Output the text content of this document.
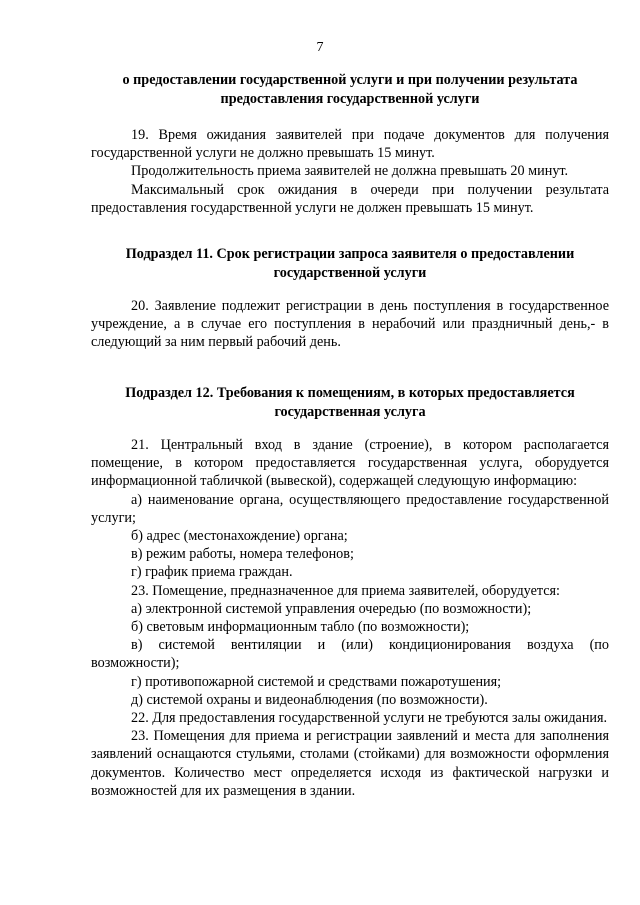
7
о предоставлении государственной услуги и при получении результата предоставления государственной услуги

19. Время ожидания заявителей при подаче документов для получения государственной услуги не должно превышать 15 минут.

Продолжительность приема заявителей не должна превышать 20 минут.

Максимальный срок ожидания в очереди при получении результата предоставления государственной услуги не должен превышать 15 минут.

Подраздел 11. Срок регистрации запроса заявителя о предоставлении государственной услуги

20. Заявление подлежит регистрации в день поступления в государственное учреждение, а в случае его поступления в нерабочий или праздничный день,- в следующий за ним первый рабочий день.

Подраздел 12. Требования к помещениям, в которых предоставляется государственная услуга

21. Центральный вход в здание (строение), в котором располагается помещение, в котором предоставляется государственная услуга, оборудуется информационной табличкой (вывеской), содержащей следующую информацию:

а) наименование органа, осуществляющего предоставление государственной услуги;

б) адрес (местонахождение) органа;

в) режим работы, номера телефонов;

г) график приема граждан.

23. Помещение, предназначенное для приема заявителей, оборудуется:

а) электронной системой управления очередью (по возможности);

б) световым информационным табло (по возможности);

в) системой вентиляции и (или) кондиционирования воздуха (по возможности);

г) противопожарной системой и средствами пожаротушения;

д) системой охраны и видеонаблюдения (по возможности).

22. Для предоставления государственной услуги не требуются залы ожидания.

23. Помещения для приема и регистрации заявлений и места для заполнения заявлений оснащаются стульями, столами (стойками) для возможности оформления документов. Количество мест определяется исходя из фактической нагрузки и возможностей для их размещения в здании.
